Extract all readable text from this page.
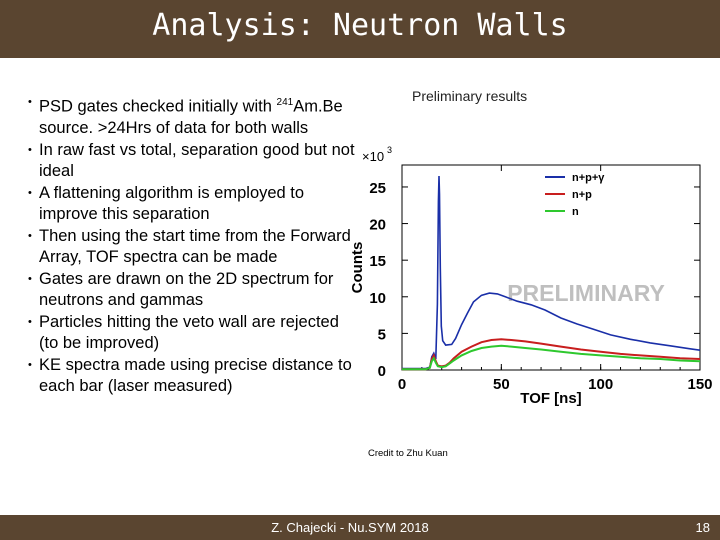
Analysis: Neutron Walls
• PSD gates checked initially with $^{241}$Am.Be source. >24Hrs of data for both walls
• In raw fast vs total, separation good but not ideal
• A flattening algorithm is employed to improve this separation
• Then using the start time from the Forward Array, TOF spectra can be made
• Gates are drawn on the 2D spectrum for neutrons and gammas
• Particles hitting the veto wall are rejected (to be improved)
• KE spectra made using precise distance to each bar (laser measured)
Preliminary results
0
5
10
15
20
25
0	50	100	150
TOF [ns]
Counts
×10 3
PRELIMINARY
n+p+γ
n+p
n
Credit to Zhu Kuan
Z. Chajecki - Nu.SYM 2018	18
